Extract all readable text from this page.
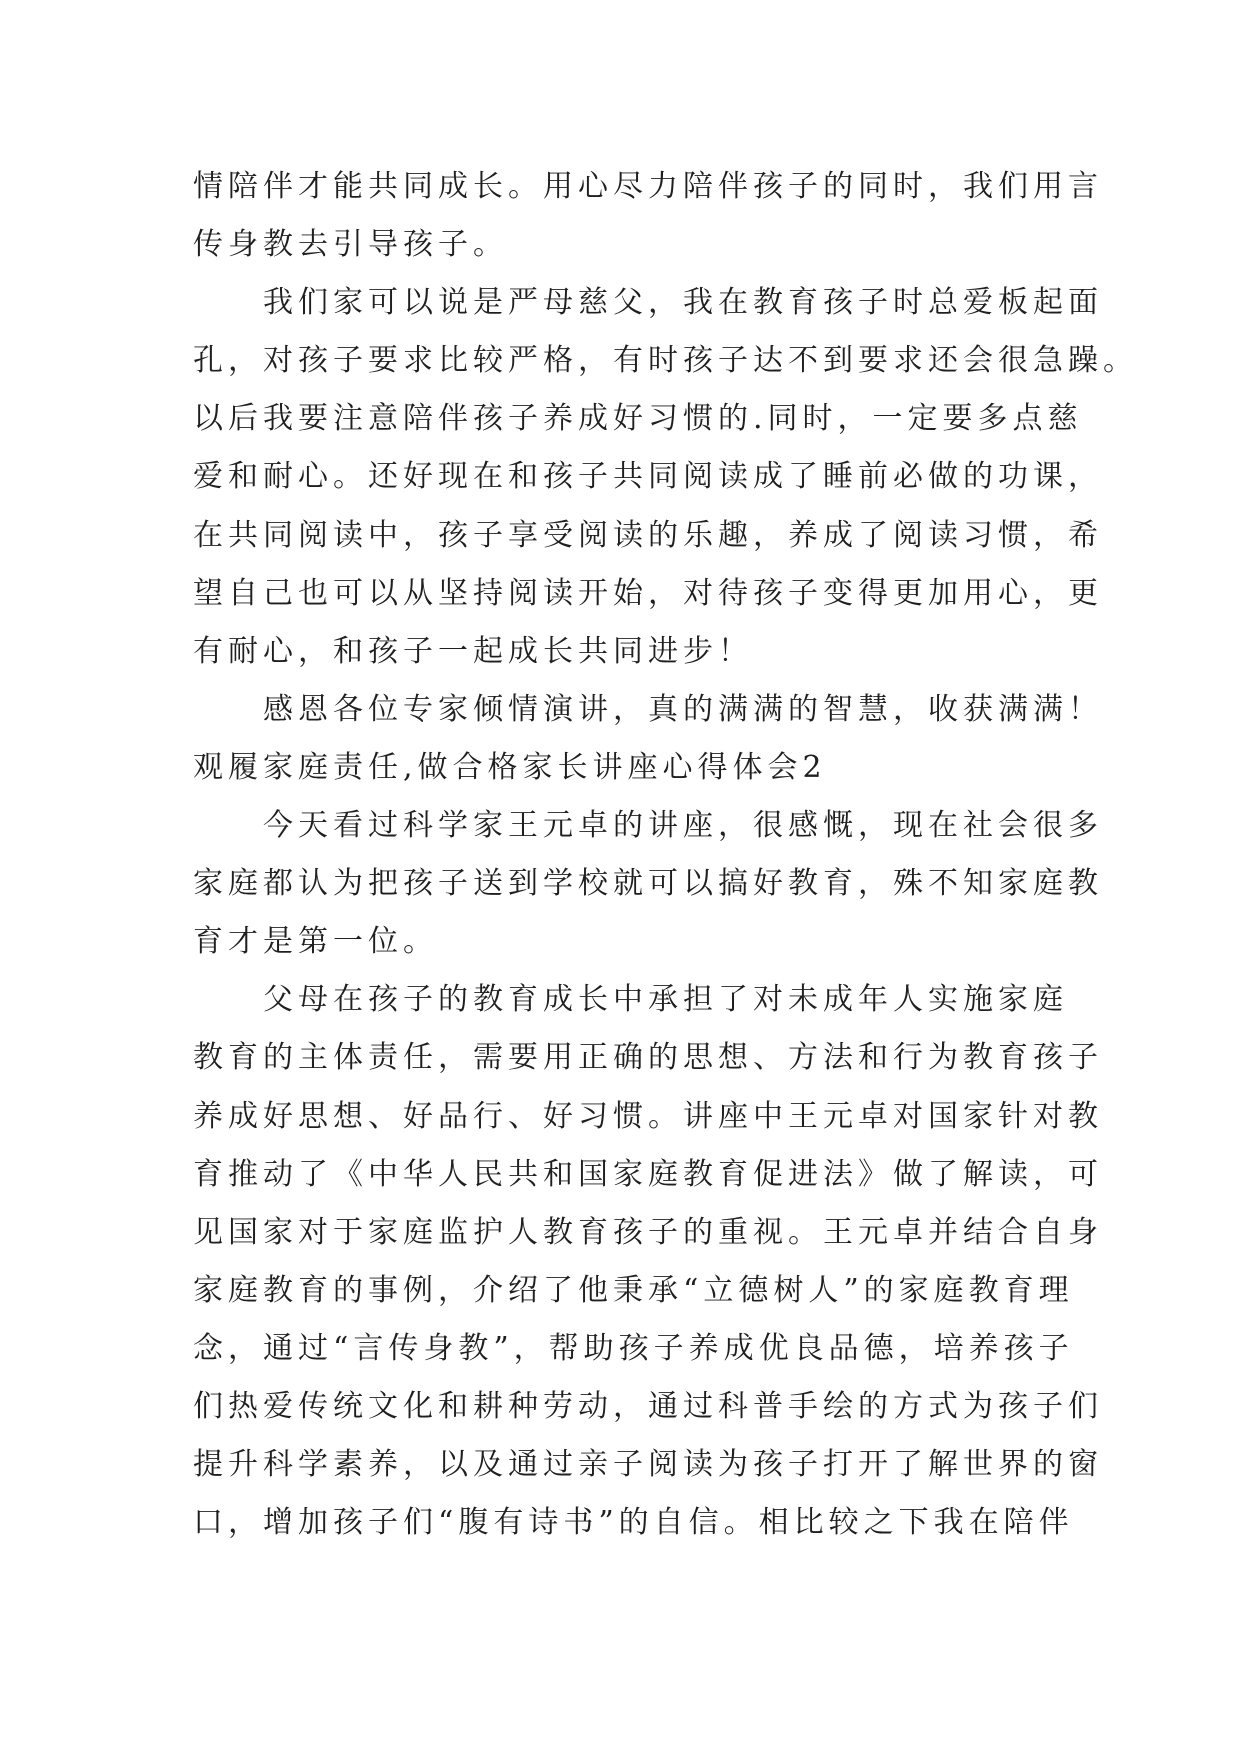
情陪伴才能共同成长。用心尽力陪伴孩子的同时，我们用言
传身教去引导孩子。
我们家可以说是严母慈父，我在教育孩子时总爱板起面
孔，对孩子要求比较严格，有时孩子达不到要求还会很急躁。
以后我要注意陪伴孩子养成好习惯的.同时，一定要多点慈
爱和耐心。还好现在和孩子共同阅读成了睡前必做的功课，
在共同阅读中，孩子享受阅读的乐趣，养成了阅读习惯，希
望自己也可以从坚持阅读开始，对待孩子变得更加用心，更
有耐心，和孩子一起成长共同进步！
感恩各位专家倾情演讲，真的满满的智慧，收获满满！
观履家庭责任,做合格家长讲座心得体会2
今天看过科学家王元卓的讲座，很感慨，现在社会很多
家庭都认为把孩子送到学校就可以搞好教育，殊不知家庭教
育才是第一位。
父母在孩子的教育成长中承担了对未成年人实施家庭
教育的主体责任，需要用正确的思想、方法和行为教育孩子
养成好思想、好品行、好习惯。讲座中王元卓对国家针对教
育推动了《中华人民共和国家庭教育促进法》做了解读，可
见国家对于家庭监护人教育孩子的重视。王元卓并结合自身
家庭教育的事例，介绍了他秉承“立德树人”的家庭教育理
念，通过“言传身教”，帮助孩子养成优良品德，培养孩子
们热爱传统文化和耕种劳动，通过科普手绘的方式为孩子们
提升科学素养，以及通过亲子阅读为孩子打开了解世界的窗
口，增加孩子们“腹有诗书”的自信。相比较之下我在陪伴
